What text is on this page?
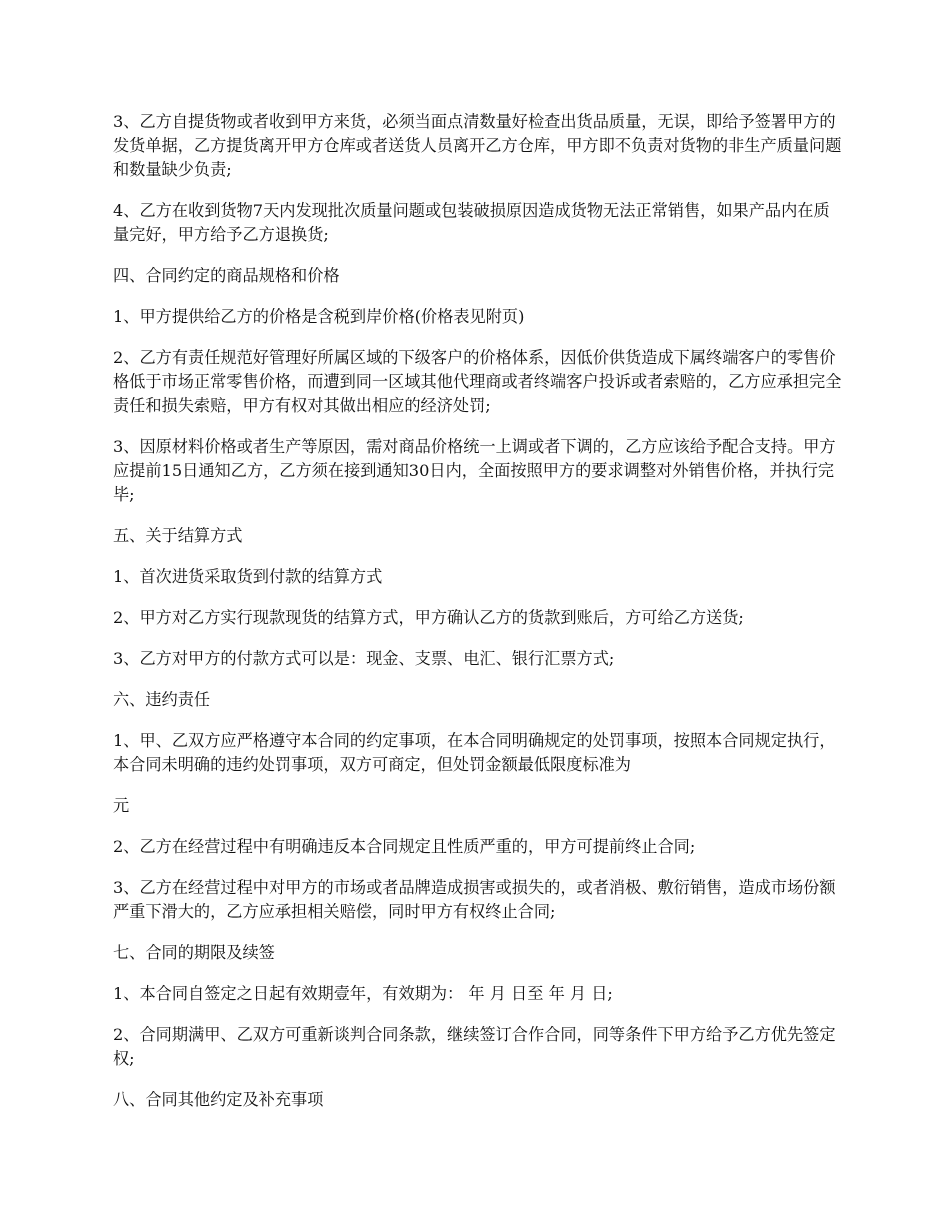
3、乙方自提货物或者收到甲方来货，必须当面点清数量好检查出货品质量，无误，即给予签署甲方的发货单据，乙方提货离开甲方仓库或者送货人员离开乙方仓库，甲方即不负责对货物的非生产质量问题和数量缺少负责;

4、乙方在收到货物7天内发现批次质量问题或包装破损原因造成货物无法正常销售，如果产品内在质量完好，甲方给予乙方退换货;

四、合同约定的商品规格和价格

1、甲方提供给乙方的价格是含税到岸价格(价格表见附页)

2、乙方有责任规范好管理好所属区域的下级客户的价格体系，因低价供货造成下属终端客户的零售价格低于市场正常零售价格，而遭到同一区域其他代理商或者终端客户投诉或者索赔的，乙方应承担完全责任和损失索赔，甲方有权对其做出相应的经济处罚;

3、因原材料价格或者生产等原因，需对商品价格统一上调或者下调的，乙方应该给予配合支持。甲方应提前15日通知乙方，乙方须在接到通知30日内，全面按照甲方的要求调整对外销售价格，并执行完毕;

五、关于结算方式

1、首次进货采取货到付款的结算方式

2、甲方对乙方实行现款现货的结算方式，甲方确认乙方的货款到账后，方可给乙方送货;

3、乙方对甲方的付款方式可以是：现金、支票、电汇、银行汇票方式;

六、违约责任

1、甲、乙双方应严格遵守本合同的约定事项，在本合同明确规定的处罚事项，按照本合同规定执行，本合同未明确的违约处罚事项，双方可商定，但处罚金额最低限度标准为

元

2、乙方在经营过程中有明确违反本合同规定且性质严重的，甲方可提前终止合同;

3、乙方在经营过程中对甲方的市场或者品牌造成损害或损失的，或者消极、敷衍销售，造成市场份额严重下滑大的，乙方应承担相关赔偿，同时甲方有权终止合同;

七、合同的期限及续签

1、本合同自签定之日起有效期壹年，有效期为： 年 月 日至 年 月 日;

2、合同期满甲、乙双方可重新谈判合同条款，继续签订合作合同，同等条件下甲方给予乙方优先签定权;

八、合同其他约定及补充事项
